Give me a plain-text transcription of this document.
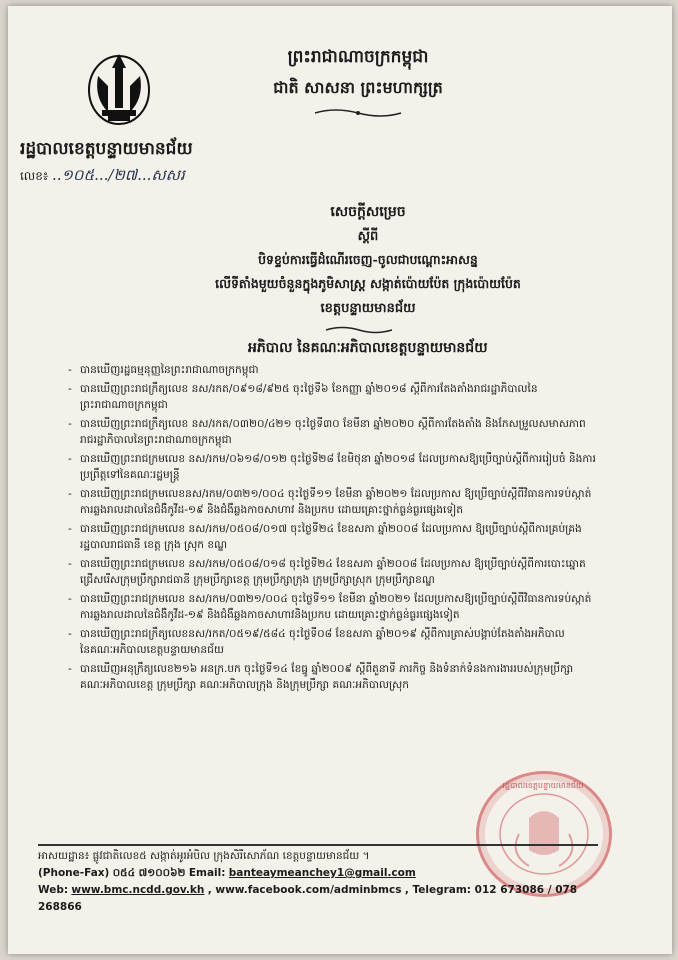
ព្រះរាជាណាចក្រកម្ពុជា
ជាតិ សាសនា ព្រះមហាក្សត្រ
រដ្ឋបាលខេត្តបន្ទាយមានជ័យ
លេខ៖ ..១០៥.../២៧...សសរ
សេចក្ដីសម្រេច
ស្ដីពី
បិទខ្ទប់ការធ្វើដំណើរចេញ-ចូលជាបណ្ដោះអាសន្ន
លើទីតាំងមួយចំនួនក្នុងភូមិសាស្ត្រ សង្កាត់ប៉ោយប៉ែត ក្រុងប៉ោយប៉ែត
ខេត្តបន្ទាយមានជ័យ
អភិបាល នៃគណៈអភិបាលខេត្តបន្ទាយមានជ័យ
- បានឃើញរដ្ឋធម្មនុញ្ញនៃព្រះរាជាណាចក្រកម្ពុជា
- បានឃើញព្រះរាជក្រឹត្យលេខ នស/រកត/០៩១៨/៩២៥ ចុះថ្ងៃទី៦ ខែកញ្ញា ឆ្នាំ២០១៨ ស្ដីពីការតែងតាំងរាជរដ្ឋាភិបាលនៃព្រះរាជាណាចក្រកម្ពុជា
- បានឃើញព្រះរាជក្រឹត្យលេខ នស/រកត/០៣២០/៤២១ ចុះថ្ងៃទី៣០ ខែមីនា ឆ្នាំ២០២០ ស្ដីពីការតែងតាំង និងកែសម្រួលសមាសភាពរាជរដ្ឋាភិបាលនៃព្រះរាជាណាចក្រកម្ពុជា
- បានឃើញព្រះរាជក្រមលេខ នស/រកម/០៦១៨/០១២ ចុះថ្ងៃទី២៨ ខែមិថុនា ឆ្នាំ២០១៨ ដែលប្រកាសឱ្យប្រើច្បាប់ស្ដីពីការរៀបចំ និងការប្រព្រឹត្តទៅនៃគណៈរដ្ឋមន្ត្រី
- បានឃើញព្រះរាជក្រមលេខនស/រកម/០៣២១/០០៤ ចុះថ្ងៃទី១១ ខែមីនា ឆ្នាំ២០២១ ដែលប្រកាស ឱ្យប្រើច្បាប់ស្ដីពីវិធានការទប់ស្កាត់ ការឆ្លងរាលដាលនៃជំងឺកូវីដ-១៩ និងជំងឺឆ្លងកាចសាហាវ និងប្រកប ដោយគ្រោះថ្នាក់ធ្ងន់ធ្ងរផ្សេងទៀត
- បានឃើញព្រះរាជក្រមលេខ នស/រកម/០៥០៨/០១៧ ចុះថ្ងៃទី២៤ ខែឧសភា ឆ្នាំ២០០៨ ដែលប្រកាស ឱ្យប្រើច្បាប់ស្ដីពីការគ្រប់គ្រងរដ្ឋបាលរាជធានី ខេត្ត ក្រុង ស្រុក ខណ្ឌ
- បានឃើញព្រះរាជក្រមលេខ នស/រកម/០៥០៨/០១៨ ចុះថ្ងៃទី២៤ ខែឧសភា ឆ្នាំ២០០៨ ដែលប្រកាស ឱ្យប្រើច្បាប់ស្ដីពីការបោះឆ្នោតជ្រើសរើសក្រុមប្រឹក្សារាជធានី ក្រុមប្រឹក្សាខេត្ត ក្រុមប្រឹក្សាក្រុង ក្រុមប្រឹក្សាស្រុក ក្រុមប្រឹក្សាខណ្ឌ
- បានឃើញព្រះរាជក្រមលេខ នស/រកម/០៣២១/០០៤ ចុះថ្ងៃទី១១ ខែមីនា ឆ្នាំ២០២១ ដែលប្រកាសឱ្យប្រើច្បាប់ស្ដីពីវិធានការទប់ស្កាត់ការឆ្លងរាលដាលនៃជំងឺកូវីដ-១៩ និងជំងឺឆ្លងកាចសាហាវនិងប្រកប ដោយគ្រោះថ្នាក់ធ្ងន់ធ្ងរផ្សេងទៀត
- បានឃើញព្រះរាជក្រឹត្យលេខនស/រកត/០៥១៩/៥៨៤ ចុះថ្ងៃទី០៨ ខែឧសភា ឆ្នាំ២០១៩ ស្ដីពីការត្រាស់បង្គាប់តែងតាំងអភិបាល នៃគណៈអភិបាលខេត្តបន្ទាយមានជ័យ
- បានឃើញអនុក្រឹត្យលេខ២១៦ អនក្រ.បក ចុះថ្ងៃទី១៤ ខែធ្នូ ឆ្នាំ២០០៩ ស្ដីពីតួនាទី ភារកិច្ច និងទំនាក់ទំនងការងាររបស់ក្រុមប្រឹក្សា គណៈអភិបាលខេត្ត ក្រុមប្រឹក្សា គណៈអភិបាលក្រុង និងក្រុមប្រឹក្សា គណៈអភិបាលស្រុក
រដ្ឋបាលខេត្តបន្ទាយមានជ័យ
អាសយដ្ឋាន៖ ផ្លូវជាតិលេខ៥ សង្កាត់អូរអំបិល ក្រុងសិរីសោភ័ណ ខេត្តបន្ទាយមានជ័យ ។
(Phone-Fax) ០៥៤ ៧១០០៦២ Email: banteaymeanchey1@gmail.com
Web: www.bmc.ncdd.gov.kh , www.facebook.com/adminbmcs , Telegram: 012 673086 / 078 268866
